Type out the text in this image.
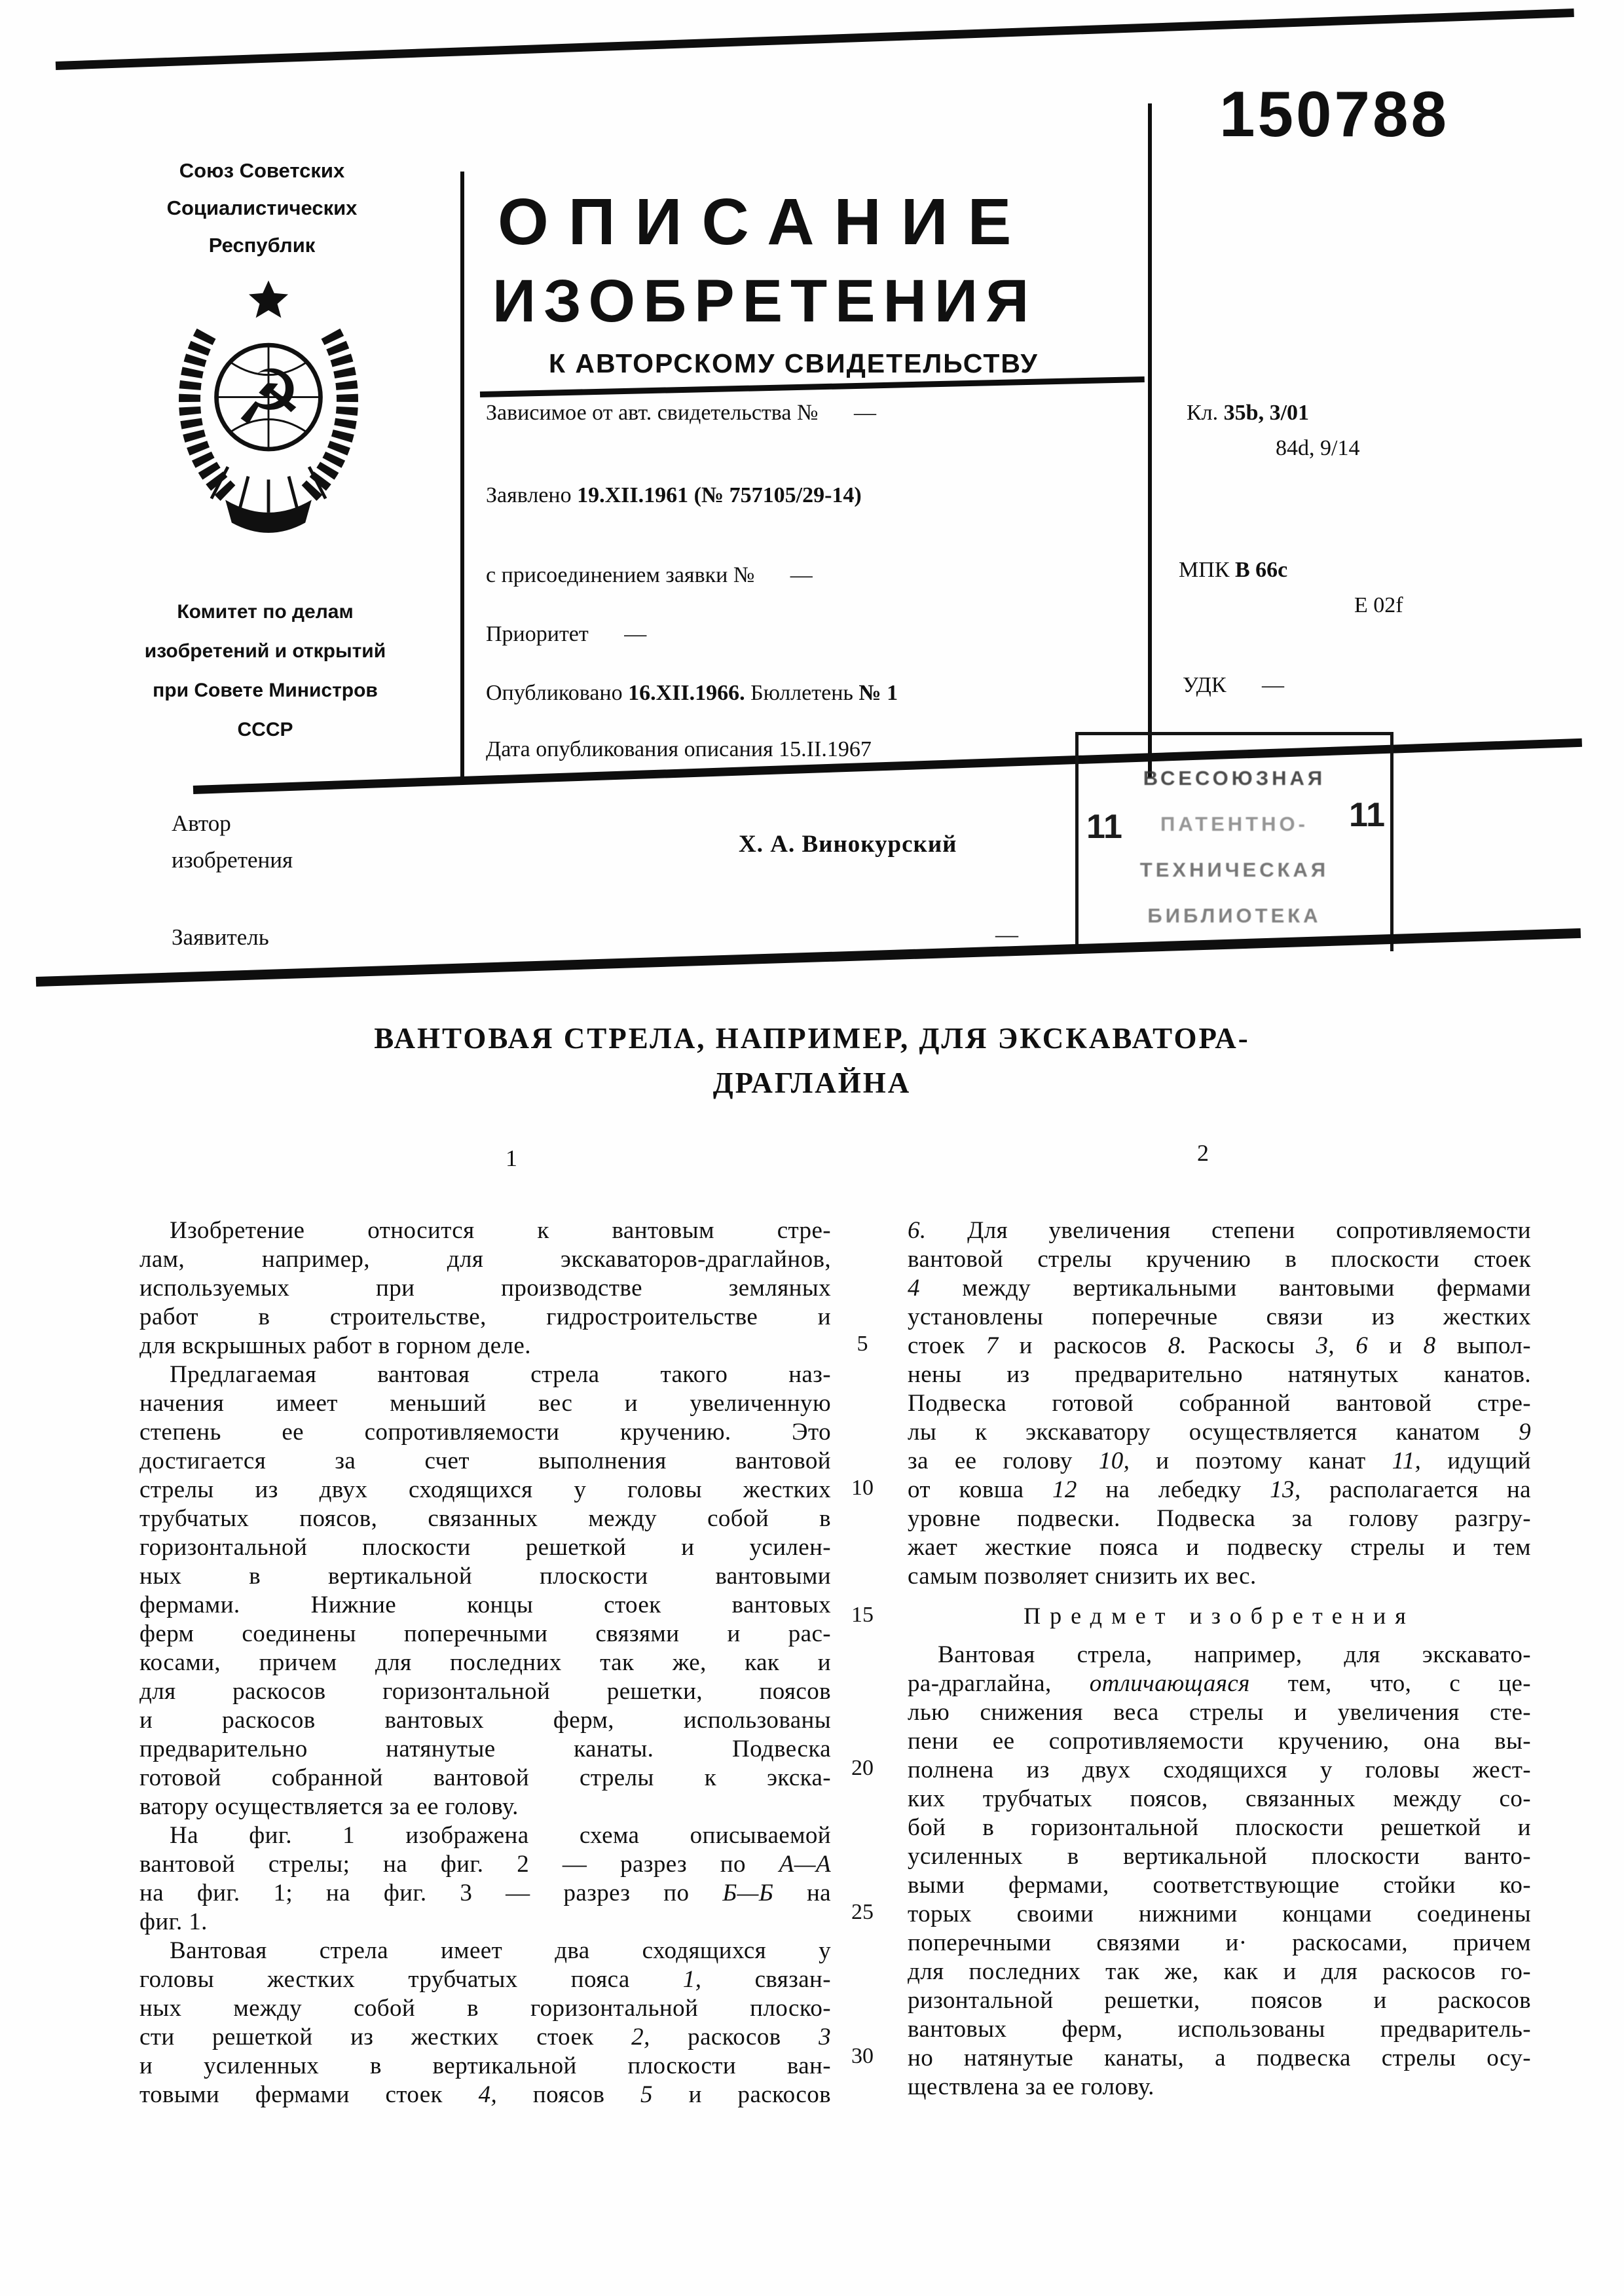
Союз Советских
Социалистических
Республик
☭
Комитет по делам
изобретений и открытий
при Совете Министров
СССР
ОПИСАНИЕ
ИЗОБРЕТЕНИЯ
К АВТОРСКОМУ СВИДЕТЕЛЬСТВУ
150788
Зависимое от авт. свидетельства № —
Заявлено 19.XII.1961 (№ 757105/29-14)
с присоединением заявки № —
Приоритет —
Опубликовано 16.XII.1966. Бюллетень № 1
Дата опубликования описания 15.II.1967
Кл. 35b, 3/01
84d, 9/14
МПК В 66с
Е 02f
УДК —
Автор
изобретения
Х. А. Винокурский
Заявитель	—
ВСЕСОЮЗНАЯ
ПАТЕНТНО-
ТЕХНИЧЕСКАЯ
БИБЛИОТЕКА
11	11
ВАНТОВАЯ СТРЕЛА, НАПРИМЕР, ДЛЯ ЭКСКАВАТОРА-
ДРАГЛАЙНА
1	2
Изобретение относится к вантовым стре-
лам, например, для экскаваторов-драглайнов,
используемых при производстве земляных
работ в строительстве, гидростроительстве и
для вскрышных работ в горном деле.
Предлагаемая вантовая стрела такого наз-
начения имеет меньший вес и увеличенную
степень ее сопротивляемости кручению. Это
достигается за счет выполнения вантовой
стрелы из двух сходящихся у головы жестких
трубчатых поясов, связанных между собой в
горизонтальной плоскости решеткой и усилен-
ных в вертикальной плоскости вантовыми
фермами. Нижние концы стоек вантовых
ферм соединены поперечными связями и рас-
косами, причем для последних так же, как и
для раскосов горизонтальной решетки, поясов
и раскосов вантовых ферм, использованы
предварительно натянутые канаты. Подвеска
готовой собранной вантовой стрелы к экска-
ватору осуществляется за ее голову.
На фиг. 1 изображена схема описываемой
вантовой стрелы; на фиг. 2 — разрез по А—А
на фиг. 1; на фиг. 3 — разрез по Б—Б на
фиг. 1.
Вантовая стрела имеет два сходящихся у
головы жестких трубчатых пояса 1, связан-
ных между собой в горизонтальной плоско-
сти решеткой из жестких стоек 2, раскосов 3
и усиленных в вертикальной плоскости ван-
товыми фермами стоек 4, поясов 5 и раскосов
6. Для увеличения степени сопротивляемости
вантовой стрелы кручению в плоскости стоек
4 между вертикальными вантовыми фермами
установлены поперечные связи из жестких
стоек 7 и раскосов 8. Раскосы 3, 6 и 8 выпол-
нены из предварительно натянутых канатов.
Подвеска готовой собранной вантовой стре-
лы к экскаватору осуществляется канатом 9
за ее голову 10, и поэтому канат 11, идущий
от ковша 12 на лебедку 13, располагается на
уровне подвески. Подвеска за голову разгру-
жает жесткие пояса и подвеску стрелы и тем
самым позволяет снизить их вес.
Предмет изобретения
Вантовая стрела, например, для экскавато-
ра-драглайна, отличающаяся тем, что, с це-
лью снижения веса стрелы и увеличения сте-
пени ее сопротивляемости кручению, она вы-
полнена из двух сходящихся у головы жест-
ких трубчатых поясов, связанных между со-
бой в горизонтальной плоскости решеткой и
усиленных в вертикальной плоскости ванто-
выми фермами, соответствующие стойки ко-
торых своими нижними концами соединены
поперечными связями и· раскосами, причем
для последних так же, как и для раскосов го-
ризонтальной решетки, поясов и раскосов
вантовых ферм, использованы предваритель-
но натянутые канаты, а подвеска стрелы осу-
ществлена за ее голову.
5
10
15
20
25
30
